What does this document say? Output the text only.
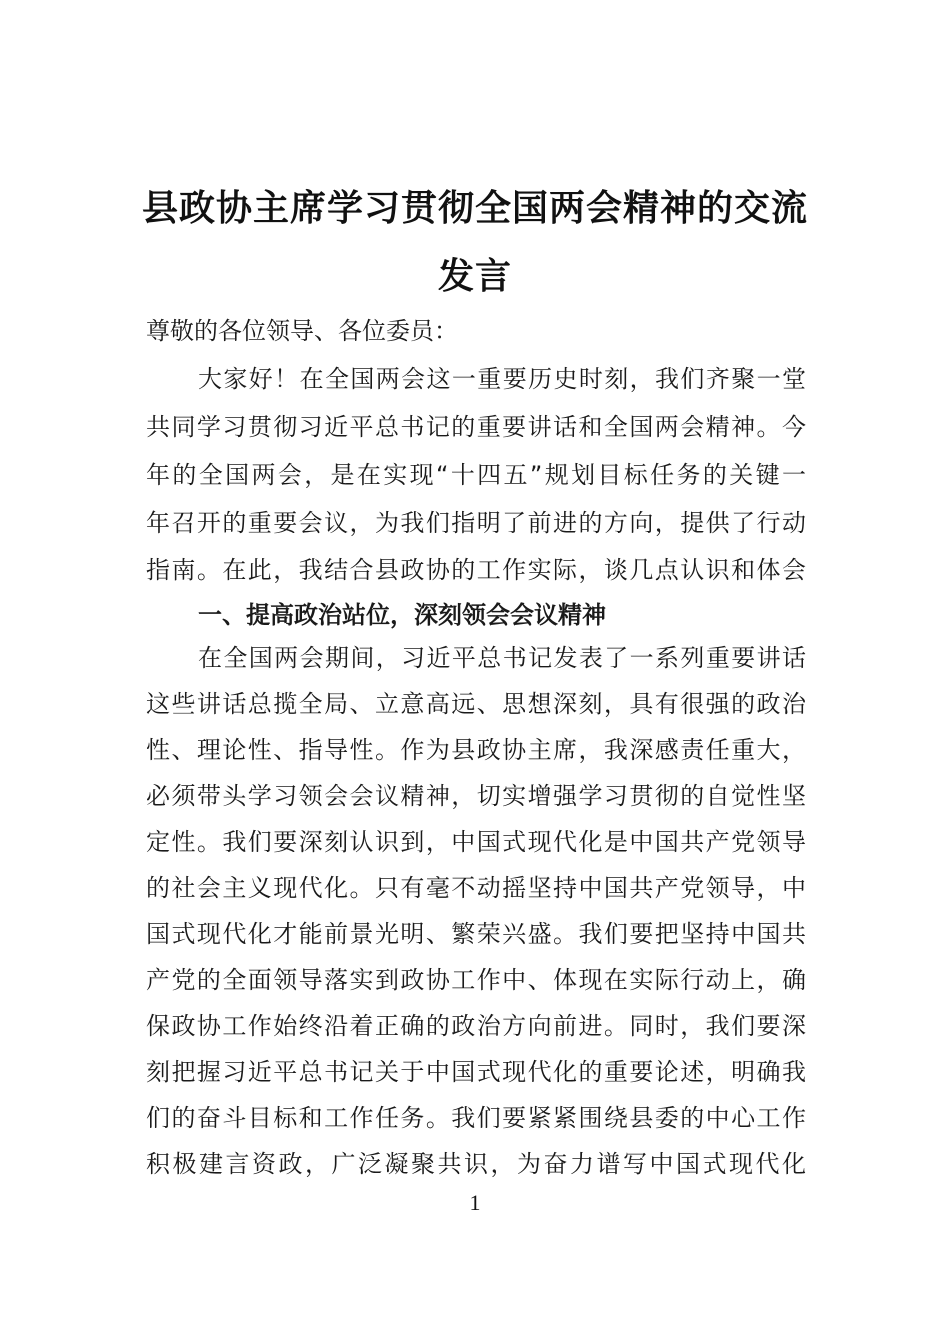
县政协主席学习贯彻全国两会精神的交流
发言
尊敬的各位领导、各位委员：
大家好！在全国两会这一重要历史时刻，我们齐聚一堂
共同学习贯彻习近平总书记的重要讲话和全国两会精神。今
年的全国两会，是在实现“十四五”规划目标任务的关键一
年召开的重要会议，为我们指明了前进的方向，提供了行动
指南。在此，我结合县政协的工作实际，谈几点认识和体会
一、提高政治站位，深刻领会会议精神
在全国两会期间，习近平总书记发表了一系列重要讲话
这些讲话总揽全局、立意高远、思想深刻，具有很强的政治
性、理论性、指导性。作为县政协主席，我深感责任重大，
必须带头学习领会会议精神，切实增强学习贯彻的自觉性坚
定性。我们要深刻认识到，中国式现代化是中国共产党领导
的社会主义现代化。只有毫不动摇坚持中国共产党领导，中
国式现代化才能前景光明、繁荣兴盛。我们要把坚持中国共
产党的全面领导落实到政协工作中、体现在实际行动上，确
保政协工作始终沿着正确的政治方向前进。同时，我们要深
刻把握习近平总书记关于中国式现代化的重要论述，明确我
们的奋斗目标和工作任务。我们要紧紧围绕县委的中心工作
积极建言资政，广泛凝聚共识，为奋力谱写中国式现代化
1
